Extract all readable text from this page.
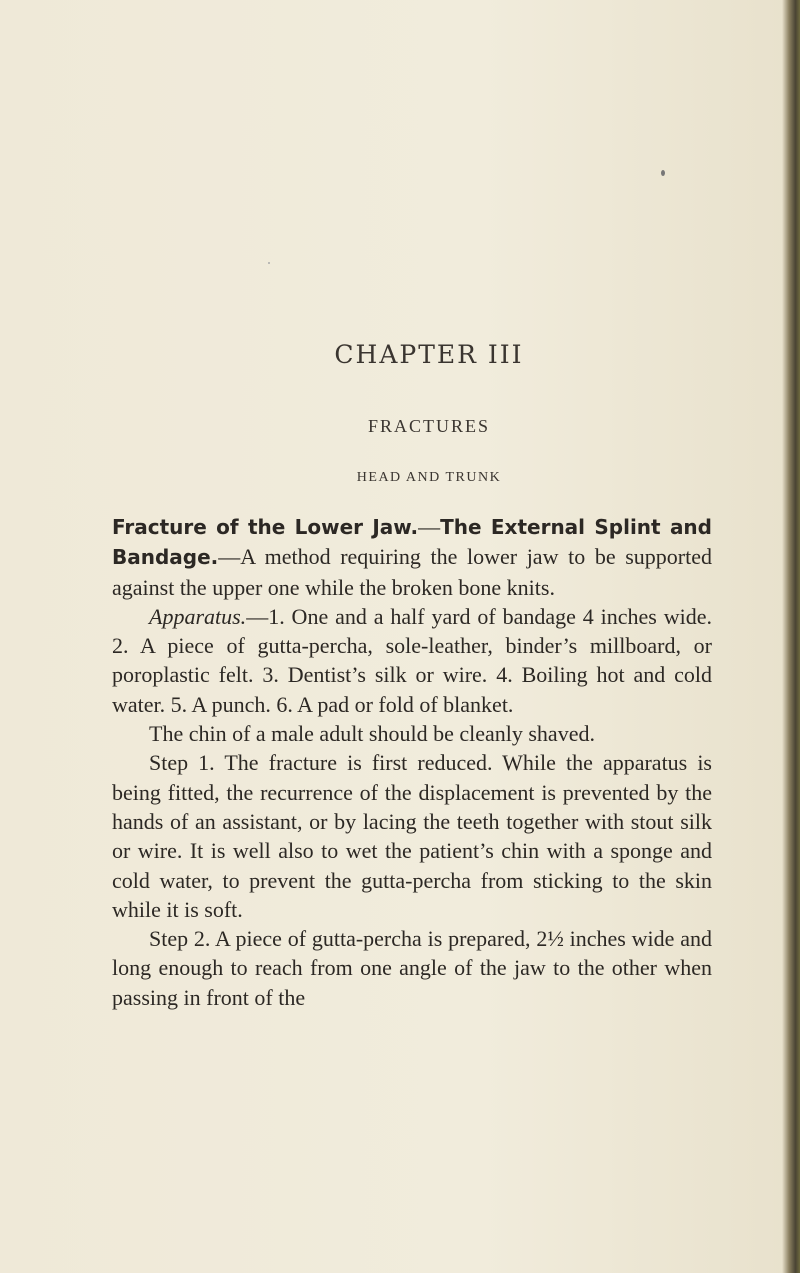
CHAPTER III
FRACTURES
HEAD AND TRUNK

Fracture of the Lower Jaw.—The External Splint and Bandage.—A method requiring the lower jaw to be supported against the upper one while the broken bone knits.

Apparatus.—1. One and a half yard of bandage 4 inches wide. 2. A piece of gutta-percha, sole-leather, binder’s millboard, or poroplastic felt. 3. Dentist’s silk or wire. 4. Boiling hot and cold water. 5. A punch. 6. A pad or fold of blanket.

The chin of a male adult should be cleanly shaved.

Step 1. The fracture is first reduced. While the apparatus is being fitted, the recurrence of the displacement is prevented by the hands of an assistant, or by lacing the teeth together with stout silk or wire. It is well also to wet the patient’s chin with a sponge and cold water, to prevent the gutta-percha from sticking to the skin while it is soft.

Step 2. A piece of gutta-percha is prepared, 2½ inches wide and long enough to reach from one angle of the jaw to the other when passing in front of the
